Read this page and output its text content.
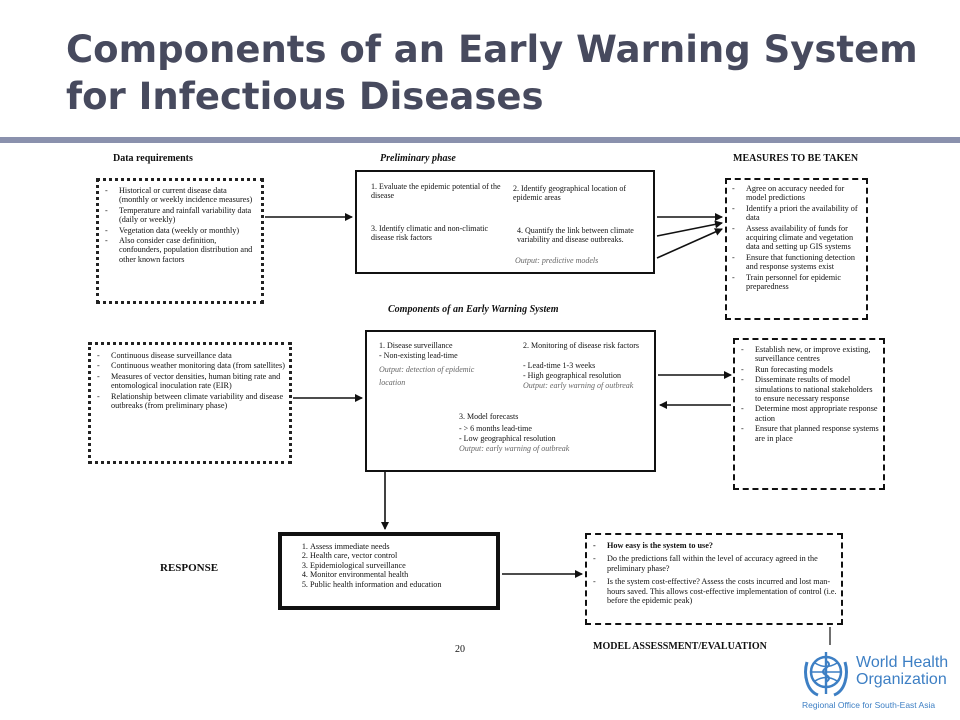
Components of an Early Warning System for Infectious Diseases
Data requirements	Preliminary phase	MEASURES TO BE TAKEN
Components of an Early Warning System
- Historical or current disease data (monthly or weekly incidence measures)
- Temperature and rainfall variability data (daily or weekly)
- Vegetation data (weekly or monthly)
- Also consider case definition, confounders, population distribution and other known factors
1. Evaluate the epidemic potential of the disease
2. Identify geographical location of epidemic areas
3. Identify climatic and non-climatic disease risk factors
4. Quantify the link between climate variability and disease outbreaks.
Output: predictive models
- Agree on accuracy needed for model predictions
- Identify a priori the availability of data
- Assess availability of funds for acquiring climate and vegetation data and setting up GIS systems
- Ensure that functioning detection and response systems exist
- Train personnel for epidemic preparedness
- Continuous disease surveillance data
- Continuous weather monitoring data (from satellites)
- Measures of vector densities, human biting rate and entomological inoculation rate (EIR)
- Relationship between climate variability and disease outbreaks (from preliminary phase)
1. Disease surveillance
- Non-existing lead-time
Output: detection of epidemic location
2. Monitoring of disease risk factors
- Lead-time 1-3 weeks
- High geographical resolution
Output: early warning of outbreak
3. Model forecasts
- > 6 months lead-time
- Low geographical resolution
Output: early warning of outbreak
- Establish new, or improve existing, surveillance centres
- Run forecasting models
- Disseminate results of model simulations to national stakeholders to ensure necessary response
- Determine most appropriate response action
- Ensure that planned response systems are in place
RESPONSE
1. Assess immediate needs
2. Health care, vector control
3. Epidemiological surveillance
4. Monitor environmental health
5. Public health information and education
- How easy is the system to use?
- Do the predictions fall within the level of accuracy agreed in the preliminary phase?
- Is the system cost-effective? Assess the costs incurred and lost man-hours saved. This allows cost-effective implementation of control (i.e. before the epidemic peak)
20	MODEL ASSESSMENT/EVALUATION
World Health
Organization
Regional Office for South-East Asia
